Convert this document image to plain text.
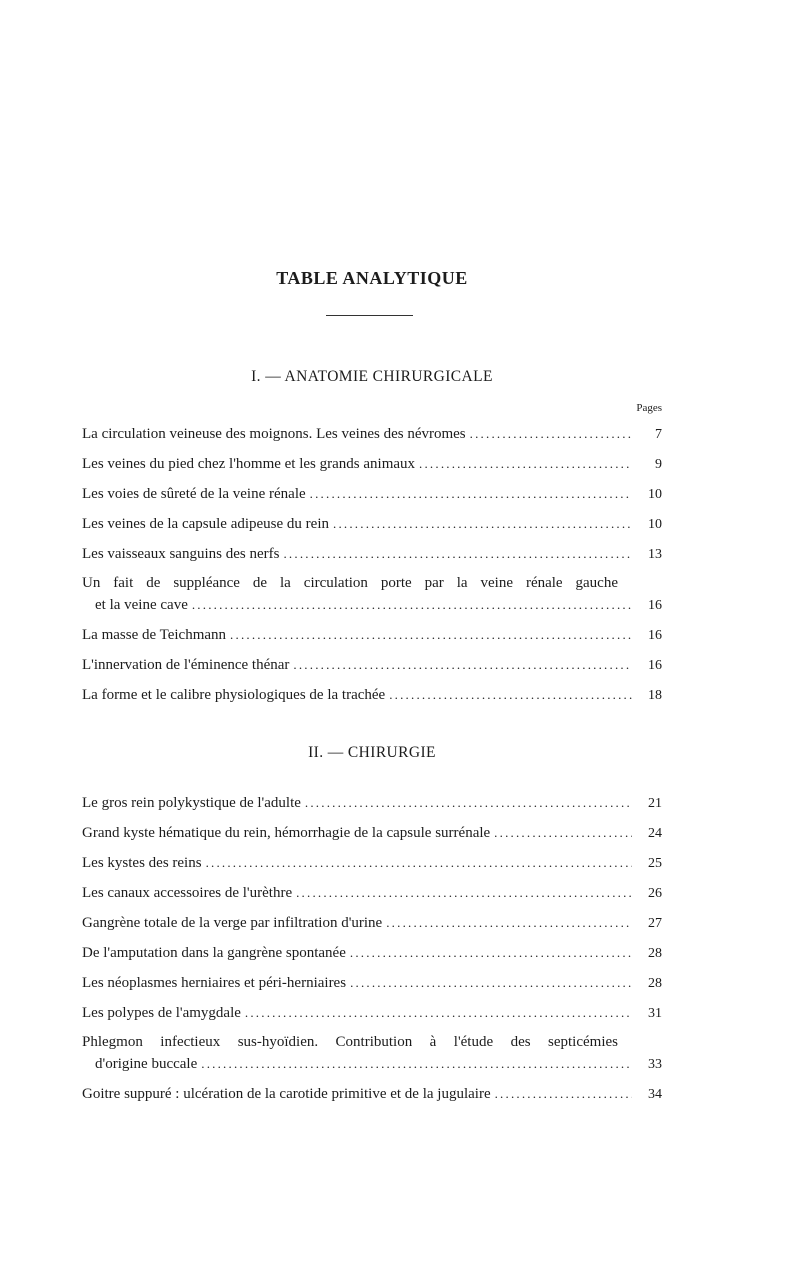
TABLE ANALYTIQUE
I. — ANATOMIE CHIRURGICALE
Pages
La circulation veineuse des moignons. Les veines des névromes .....	7
Les veines du pied chez l'homme et les grands animaux .....	9
Les voies de sûreté de la veine rénale .....	10
Les veines de la capsule adipeuse du rein .....	10
Les vaisseaux sanguins des nerfs .....	13
Un fait de suppléance de la circulation porte par la veine rénale gauche
et la veine cave .....	16
La masse de Teichmann .....	16
L'innervation de l'éminence thénar .....	16
La forme et le calibre physiologiques de la trachée .....	18
II. — CHIRURGIE
Le gros rein polykystique de l'adulte .....	21
Grand kyste hématique du rein, hémorrhagie de la capsule surrénale .....	24
Les kystes des reins .....	25
Les canaux accessoires de l'urèthre .....	26
Gangrène totale de la verge par infiltration d'urine .....	27
De l'amputation dans la gangrène spontanée .....	28
Les néoplasmes herniaires et péri-herniaires .....	28
Les polypes de l'amygdale .....	31
Phlegmon infectieux sus-hyoïdien. Contribution à l'étude des septicémies
d'origine buccale .....	33
Goitre suppuré : ulcération de la carotide primitive et de la jugulaire .....	34
